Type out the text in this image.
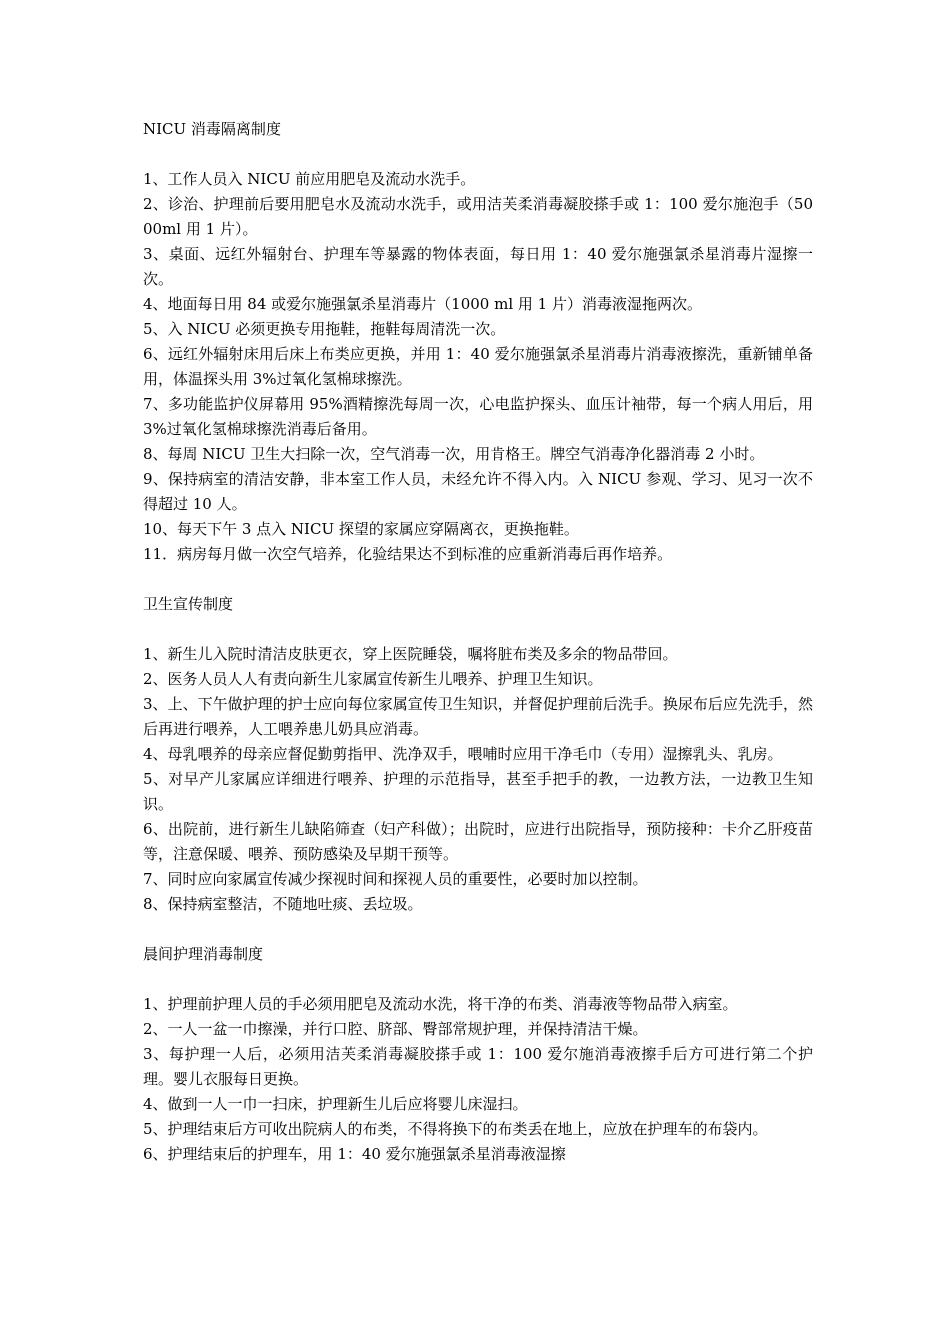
NICU 消毒隔离制度

1、工作人员入 NICU 前应用肥皂及流动水洗手。

2、诊治、护理前后要用肥皂水及流动水洗手，或用洁芙柔消毒凝胶搽手或 1：100 爱尔施泡手（5000ml 用 1 片）。

3、桌面、远红外辐射台、护理车等暴露的物体表面，每日用 1：40 爱尔施强氯杀星消毒片湿擦一次。

4、地面每日用 84 或爱尔施强氯杀星消毒片（1000 ml 用 1 片）消毒液湿拖两次。

5、入 NICU 必须更换专用拖鞋，拖鞋每周清洗一次。

6、远红外辐射床用后床上布类应更换，并用 1：40 爱尔施强氯杀星消毒片消毒液擦洗，重新铺单备用，体温探头用 3%过氧化氢棉球擦洗。

7、多功能监护仪屏幕用 95%酒精擦洗每周一次，心电监护探头、血压计袖带，每一个病人用后，用 3%过氧化氢棉球擦洗消毒后备用。

8、每周 NICU 卫生大扫除一次，空气消毒一次，用肯格王。牌空气消毒净化器消毒 2 小时。

9、保持病室的清洁安静，非本室工作人员，未经允许不得入内。入 NICU 参观、学习、见习一次不得超过 10 人。

10、每天下午 3 点入 NICU 探望的家属应穿隔离衣，更换拖鞋。

11．病房每月做一次空气培养，化验结果达不到标准的应重新消毒后再作培养。

卫生宣传制度

1、新生儿入院时清洁皮肤更衣，穿上医院睡袋，嘱将脏布类及多余的物品带回。

2、医务人员人人有责向新生儿家属宣传新生儿喂养、护理卫生知识。

3、上、下午做护理的护士应向每位家属宣传卫生知识，并督促护理前后洗手。换尿布后应先洗手，然后再进行喂养，人工喂养患儿奶具应消毒。

4、母乳喂养的母亲应督促勤剪指甲、洗净双手，喂哺时应用干净毛巾（专用）湿擦乳头、乳房。

5、对早产儿家属应详细进行喂养、护理的示范指导，甚至手把手的教，一边教方法，一边教卫生知识。

6、出院前，进行新生儿缺陷筛查（妇产科做）；出院时，应进行出院指导，预防接种：卡介乙肝疫苗等，注意保暖、喂养、预防感染及早期干预等。

7、同时应向家属宣传减少探视时间和探视人员的重要性，必要时加以控制。

8、保持病室整洁，不随地吐痰、丢垃圾。

晨间护理消毒制度

1、护理前护理人员的手必须用肥皂及流动水洗，将干净的布类、消毒液等物品带入病室。

2、一人一盆一巾擦澡，并行口腔、脐部、臀部常规护理，并保持清洁干燥。

3、每护理一人后，必须用洁芙柔消毒凝胶搽手或 1：100 爱尔施消毒液擦手后方可进行第二个护理。婴儿衣服每日更换。

4、做到一人一巾一扫床，护理新生儿后应将婴儿床湿扫。

5、护理结束后方可收出院病人的布类，不得将换下的布类丢在地上，应放在护理车的布袋内。

6、护理结束后的护理车，用 1：40 爱尔施强氯杀星消毒液湿擦
